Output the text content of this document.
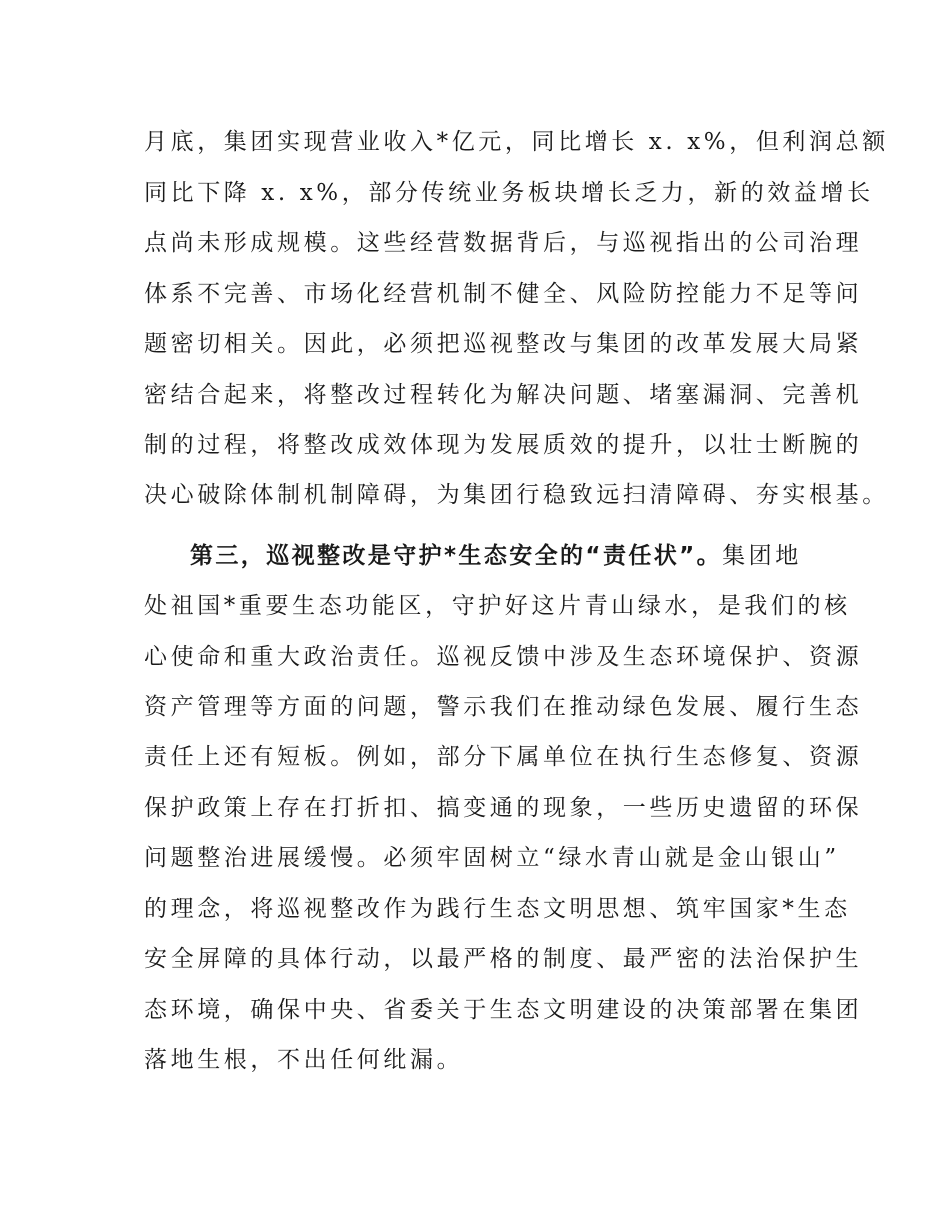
月底，集团实现营业收入*亿元，同比增长 x. x%，但利润总额
同比下降 x. x%，部分传统业务板块增长乏力，新的效益增长
点尚未形成规模。这些经营数据背后，与巡视指出的公司治理
体系不完善、市场化经营机制不健全、风险防控能力不足等问
题密切相关。因此，必须把巡视整改与集团的改革发展大局紧
密结合起来，将整改过程转化为解决问题、堵塞漏洞、完善机
制的过程，将整改成效体现为发展质效的提升，以壮士断腕的
决心破除体制机制障碍，为集团行稳致远扫清障碍、夯实根基。
第三，巡视整改是守护*生态安全的“责任状”。集团地
处祖国*重要生态功能区，守护好这片青山绿水，是我们的核
心使命和重大政治责任。巡视反馈中涉及生态环境保护、资源
资产管理等方面的问题，警示我们在推动绿色发展、履行生态
责任上还有短板。例如，部分下属单位在执行生态修复、资源
保护政策上存在打折扣、搞变通的现象，一些历史遗留的环保
问题整治进展缓慢。必须牢固树立“绿水青山就是金山银山”
的理念，将巡视整改作为践行生态文明思想、筑牢国家*生态
安全屏障的具体行动，以最严格的制度、最严密的法治保护生
态环境，确保中央、省委关于生态文明建设的决策部署在集团
落地生根，不出任何纰漏。
